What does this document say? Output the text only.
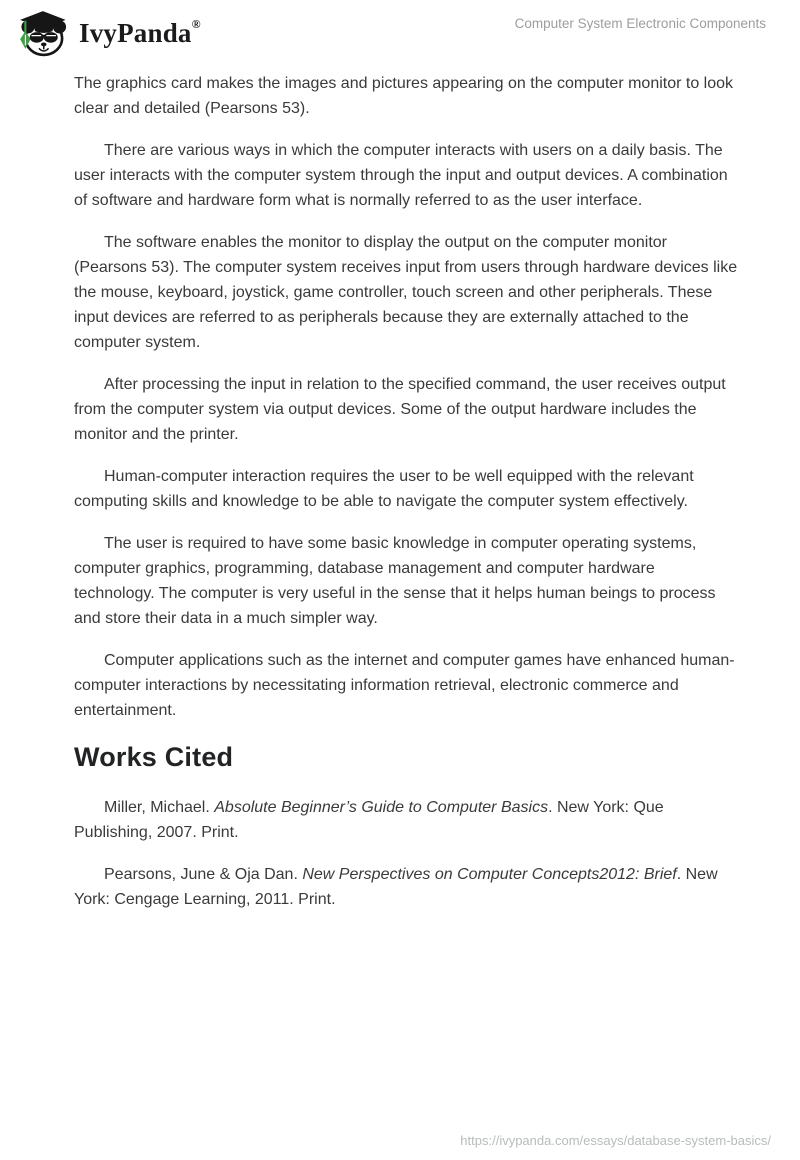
IvyPanda®	Computer System Electronic Components

The graphics card makes the images and pictures appearing on the computer monitor to look clear and detailed (Pearsons 53).

There are various ways in which the computer interacts with users on a daily basis. The user interacts with the computer system through the input and output devices. A combination of software and hardware form what is normally referred to as the user interface.

The software enables the monitor to display the output on the computer monitor (Pearsons 53). The computer system receives input from users through hardware devices like the mouse, keyboard, joystick, game controller, touch screen and other peripherals. These input devices are referred to as peripherals because they are externally attached to the computer system.

After processing the input in relation to the specified command, the user receives output from the computer system via output devices. Some of the output hardware includes the monitor and the printer.

Human-computer interaction requires the user to be well equipped with the relevant computing skills and knowledge to be able to navigate the computer system effectively.

The user is required to have some basic knowledge in computer operating systems, computer graphics, programming, database management and computer hardware technology. The computer is very useful in the sense that it helps human beings to process and store their data in a much simpler way.

Computer applications such as the internet and computer games have enhanced human- computer interactions by necessitating information retrieval, electronic commerce and entertainment.

Works Cited

Miller, Michael. Absolute Beginner’s Guide to Computer Basics. New York: Que Publishing, 2007. Print.

Pearsons, June & Oja Dan. New Perspectives on Computer Concepts2012: Brief. New York: Cengage Learning, 2011. Print.

https://ivypanda.com/essays/database-system-basics/
